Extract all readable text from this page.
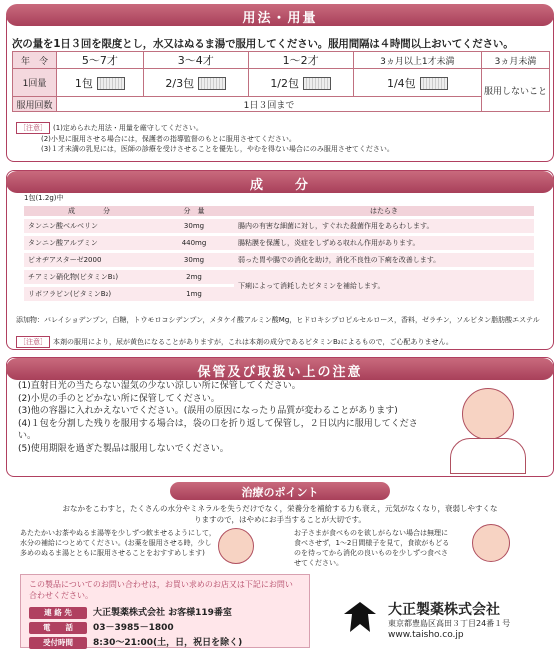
用法・用量
次の量を1日３回を限度とし，水又はぬるま湯で服用してください。服用間隔は４時間以上おいてください。
年　令	5～7才	3～4才	1～2才	3ヵ月以上1才未満	3ヵ月未満
1回量	1包	2/3包	1/2包	1/4包	服用しないこと
服用回数	1日３回まで				
［注意］ (1)定められた用法・用量を厳守してください。
(2)小児に服用させる場合には，保護者の指導監督のもとに服用させてください。
(3)１才未満の乳児には，医師の診療を受けさせることを優先し，やむを得ない場合にのみ服用させてください。
成　　分
1包(1.2g)中
成　　　　分	分　量	はたらき
タンニン酸ベルベリン	30mg	腸内の有害な細菌に対し，すぐれた殺菌作用をあらわします。
タンニン酸アルブミン	440mg	腸粘膜を保護し，炎症をしずめる収れん作用があります。
ビオヂアスターゼ2000	30mg	弱った胃や腸での消化を助け，消化不良性の下痢を改善します。
チアミン硝化物(ビタミンB₁)	2mg	下痢によって消耗したビタミンを補給します。
リボフラビン(ビタミンB₂)	1mg	
添加物：バレイショデンプン，白糖，トウモロコシデンプン，メタケイ酸アルミン酸Mg，ヒドロキシプロピルセルロース，香料，ゼラチン，ソルビタン脂肪酸エステル
［注意］ 本剤の服用により，尿が黄色になることがありますが，これは本剤の成分であるビタミンB₂によるもので，ご心配ありません。
保管及び取扱い上の注意
(1)直射日光の当たらない湿気の少ない涼しい所に保管してください。
(2)小児の手のとどかない所に保管してください。
(3)他の容器に入れかえないでください。(誤用の原因になったり品質が変わることがあります)
(4)１包を分割した残りを服用する場合は，袋の口を折り返して保管し，２日以内に服用してください。
(5)使用期限を過ぎた製品は服用しないでください。
治療のポイント
おなかをこわすと，たくさんの水分やミネラルを失うだけでなく，栄養分を補給する力も衰え，元気がなくなり，衰弱しやすくなりますので，はやめにお手当することが大切です。
あたたかいお茶やぬるま湯等を少しずつ飲ませるようにして，水分の補給につとめてください。(お薬を服用させる時，少し多めのぬるま湯とともに服用させることをおすすめします)
お子さまが食べものを欲しがらない場合は無理に食べさせず，1～2日間様子を見て，食欲がもどるのを待ってから消化の良いものを少しずつ食べさせてください。
この製品についてのお問い合わせは，お買い求めのお店又は下記にお問い合わせください。
連 絡 先 大正製薬株式会社 お客様119番室
電　　話 03－3985－1800
受付時間 8:30～21:00(土，日，祝日を除く)
大正製薬株式会社
東京都豊島区高田３丁目24番１号
www.taisho.co.jp
